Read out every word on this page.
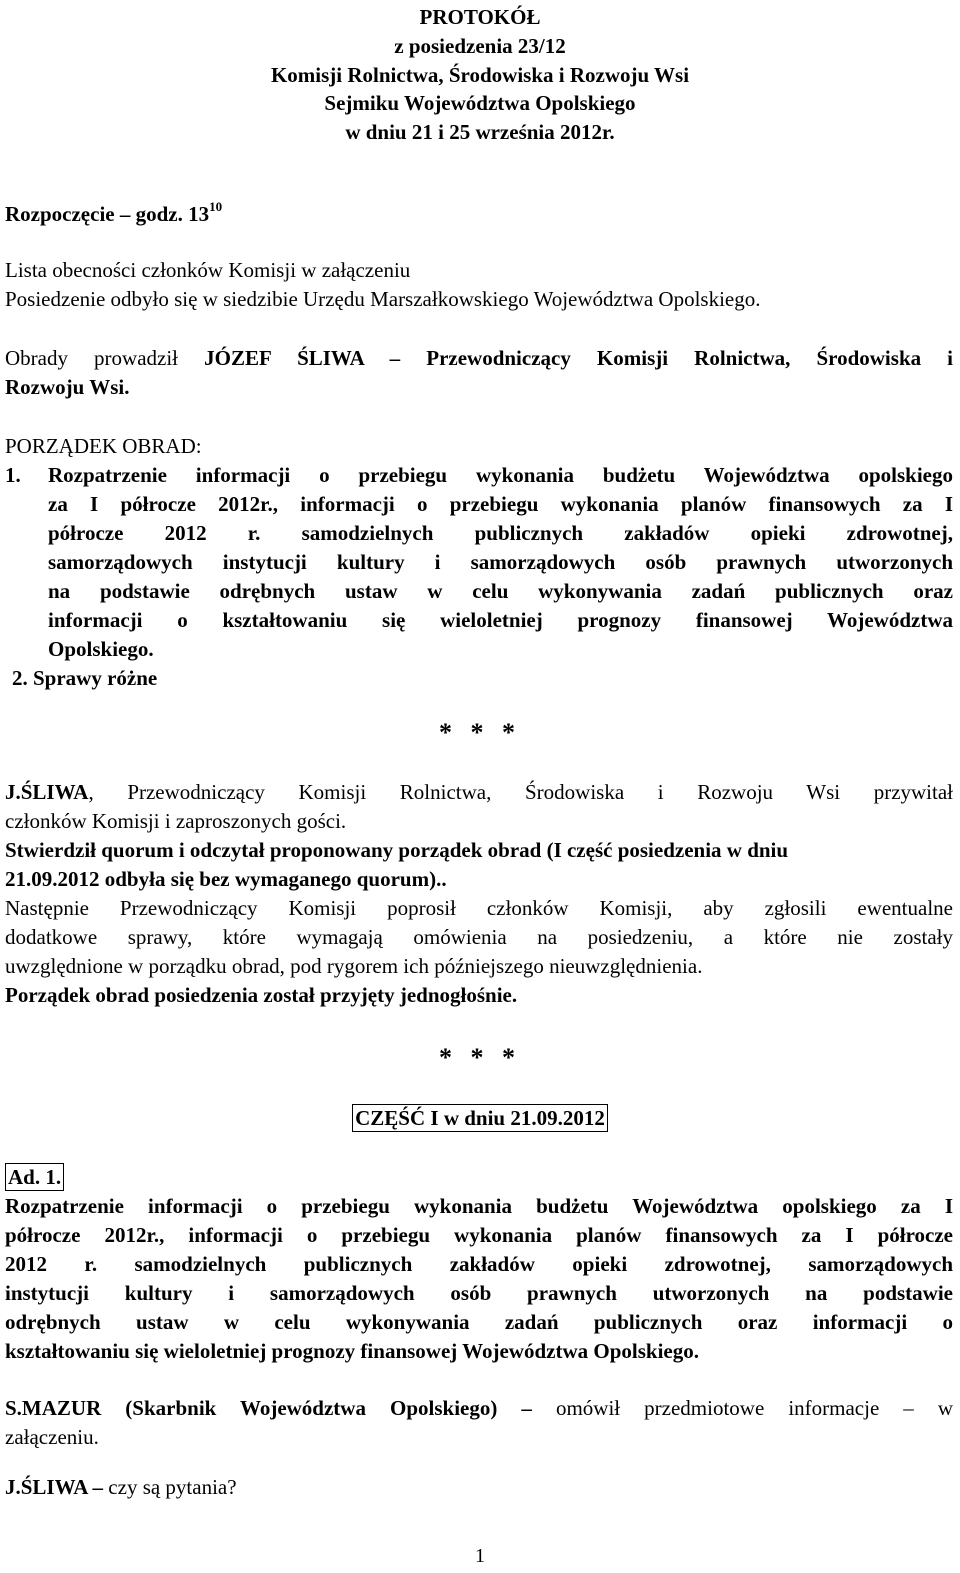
PROTOKÓŁ
z posiedzenia 23/12
Komisji Rolnictwa, Środowiska i Rozwoju Wsi
Sejmiku Województwa Opolskiego
w dniu 21 i 25 września 2012r.
Rozpoczęcie – godz. $13^{10}$
Lista obecności członków Komisji w załączeniu
Posiedzenie odbyło się w siedzibie Urzędu Marszałkowskiego Województwa Opolskiego.
Obrady prowadził JÓZEF ŚLIWA – Przewodniczący Komisji Rolnictwa, Środowiska i
Rozwoju Wsi.
PORZĄDEK OBRAD:
1. Rozpatrzenie informacji o przebiegu wykonania budżetu Województwa opolskiego
za I półrocze 2012r., informacji o przebiegu wykonania planów finansowych za I
półrocze 2012 r. samodzielnych publicznych zakładów opieki zdrowotnej,
samorządowych instytucji kultury i samorządowych osób prawnych utworzonych
na podstawie odrębnych ustaw w celu wykonywania zadań publicznych oraz
informacji o kształtowaniu się wieloletniej prognozy finansowej Województwa
Opolskiego.
2. Sprawy różne
* * *
J.ŚLIWA, Przewodniczący Komisji Rolnictwa, Środowiska i Rozwoju Wsi przywitał
członków Komisji i zaproszonych gości.
Stwierdził quorum i odczytał proponowany porządek obrad (I część posiedzenia w dniu
21.09.2012 odbyła się bez wymaganego quorum)..
Następnie Przewodniczący Komisji poprosił członków Komisji, aby zgłosili ewentualne
dodatkowe sprawy, które wymagają omówienia na posiedzeniu, a które nie zostały
uwzględnione w porządku obrad, pod rygorem ich późniejszego nieuwzględnienia.
Porządek obrad posiedzenia został przyjęty jednogłośnie.
* * *
CZĘŚĆ I w dniu 21.09.2012
Ad. 1.
Rozpatrzenie informacji o przebiegu wykonania budżetu Województwa opolskiego za I
półrocze 2012r., informacji o przebiegu wykonania planów finansowych za I półrocze
2012 r. samodzielnych publicznych zakładów opieki zdrowotnej, samorządowych
instytucji kultury i samorządowych osób prawnych utworzonych na podstawie
odrębnych ustaw w celu wykonywania zadań publicznych oraz informacji o
kształtowaniu się wieloletniej prognozy finansowej Województwa Opolskiego.
S.MAZUR (Skarbnik Województwa Opolskiego) – omówił przedmiotowe informacje – w
załączeniu.
J.ŚLIWA – czy są pytania?
1
